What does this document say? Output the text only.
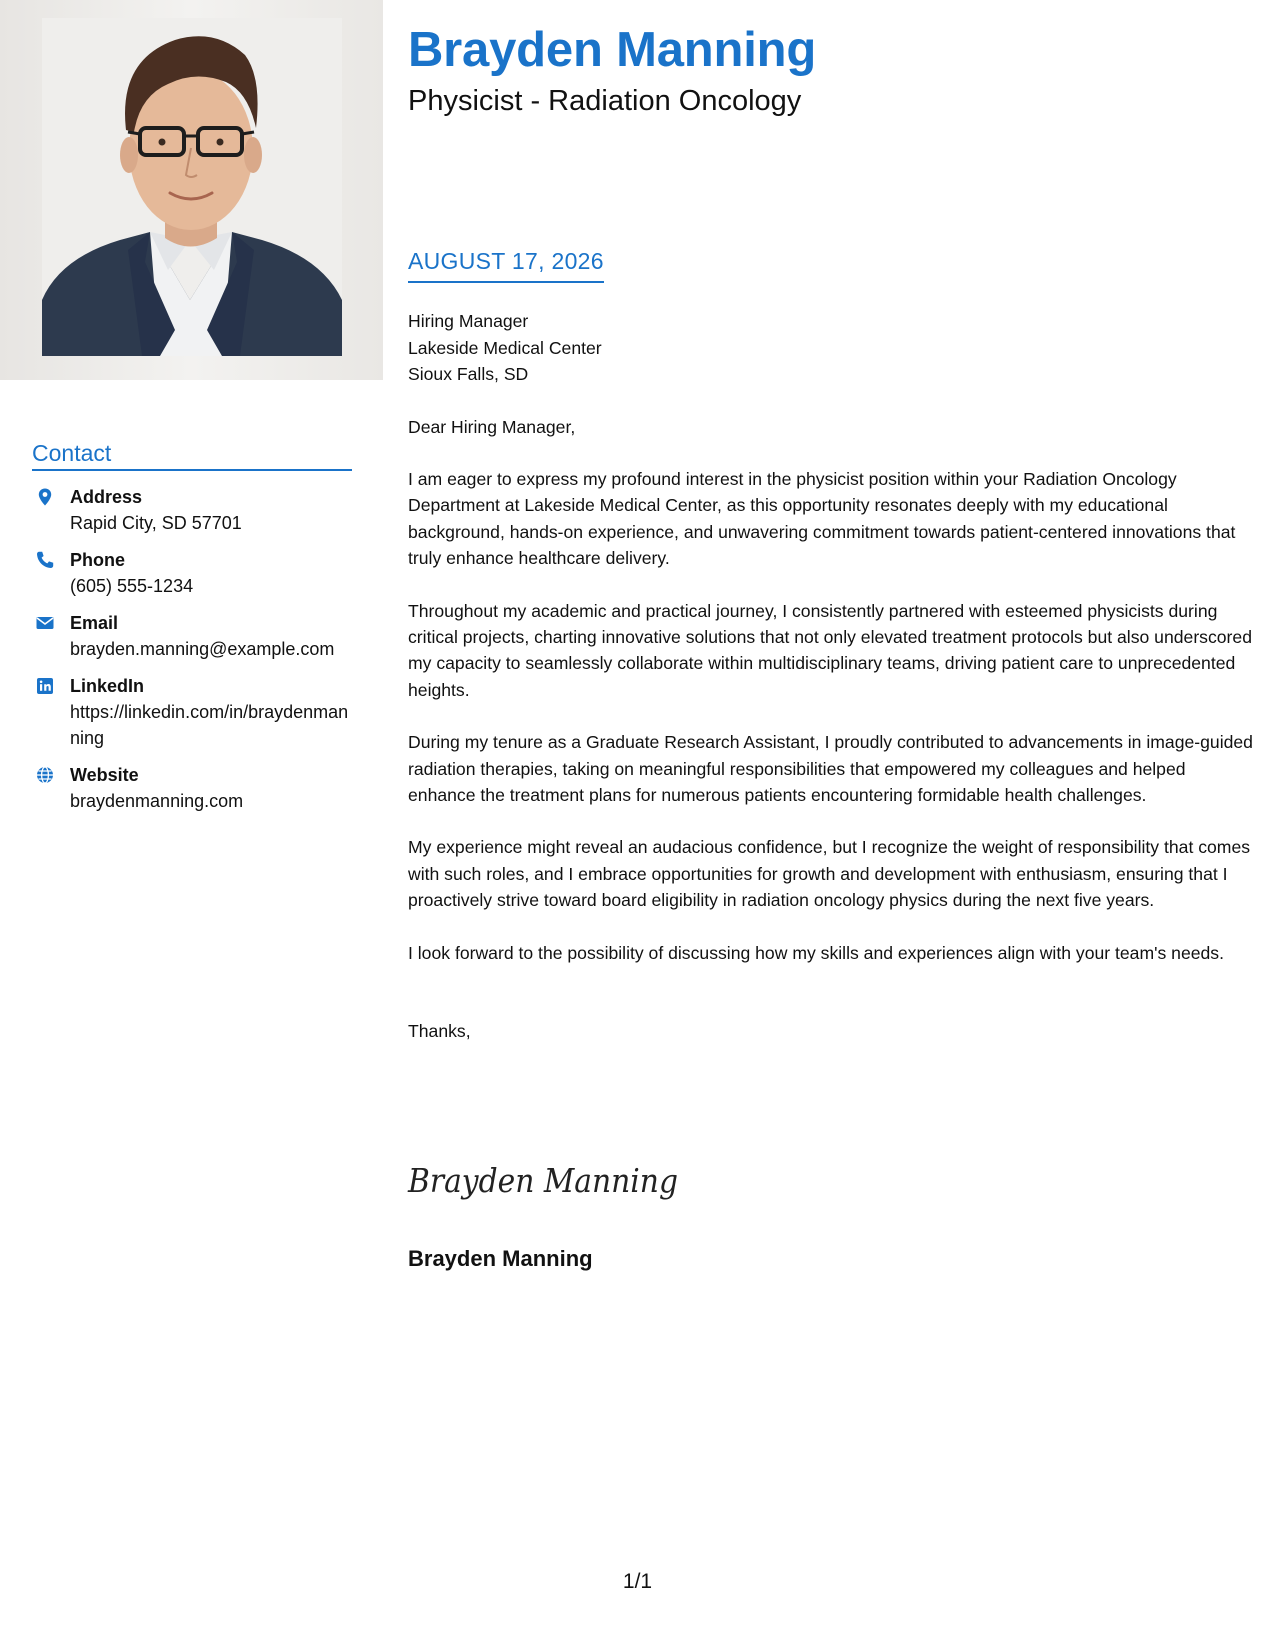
Contact
Address
Rapid City, SD 57701
Phone
(605) 555-1234
Email
brayden.manning@example.com
LinkedIn
https://linkedin.com/in/braydenmanning
Website
braydenmanning.com
Brayden Manning
Physicist - Radiation Oncology
AUGUST 17, 2026
Hiring Manager
Lakeside Medical Center
Sioux Falls, SD
Dear Hiring Manager,
I am eager to express my profound interest in the physicist position within your Radiation Oncology Department at Lakeside Medical Center, as this opportunity resonates deeply with my educational background, hands-on experience, and unwavering commitment towards patient-centered innovations that truly enhance healthcare delivery.
Throughout my academic and practical journey, I consistently partnered with esteemed physicists during critical projects, charting innovative solutions that not only elevated treatment protocols but also underscored my capacity to seamlessly collaborate within multidisciplinary teams, driving patient care to unprecedented heights.
During my tenure as a Graduate Research Assistant, I proudly contributed to advancements in image-guided radiation therapies, taking on meaningful responsibilities that empowered my colleagues and helped enhance the treatment plans for numerous patients encountering formidable health challenges.
My experience might reveal an audacious confidence, but I recognize the weight of responsibility that comes with such roles, and I embrace opportunities for growth and development with enthusiasm, ensuring that I proactively strive toward board eligibility in radiation oncology physics during the next five years.
I look forward to the possibility of discussing how my skills and experiences align with your team's needs.
Thanks,
Brayden Manning
Brayden Manning
1/1
